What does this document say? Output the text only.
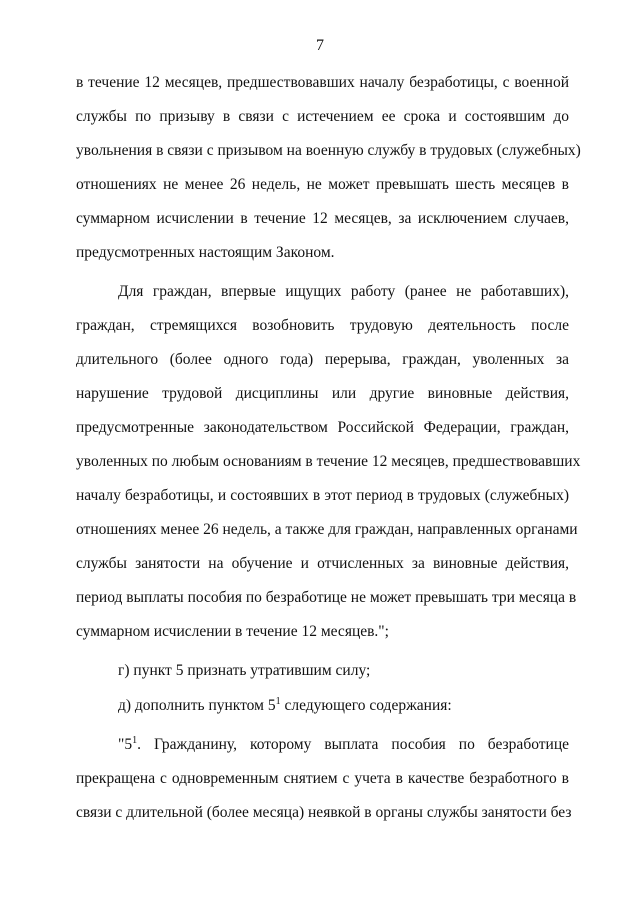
7
в течение 12 месяцев, предшествовавших началу безработицы, с военной
службы по призыву в связи с истечением ее срока и состоявшим до
увольнения в связи с призывом на военную службу в трудовых (служебных)
отношениях не менее 26 недель, не может превышать шесть месяцев в
суммарном исчислении в течение 12 месяцев, за исключением случаев,
предусмотренных настоящим Законом.
Для граждан, впервые ищущих работу (ранее не работавших),
граждан, стремящихся возобновить трудовую деятельность после
длительного (более одного года) перерыва, граждан, уволенных за
нарушение трудовой дисциплины или другие виновные действия,
предусмотренные законодательством Российской Федерации, граждан,
уволенных по любым основаниям в течение 12 месяцев, предшествовавших
началу безработицы, и состоявших в этот период в трудовых (служебных)
отношениях менее 26 недель, а также для граждан, направленных органами
службы занятости на обучение и отчисленных за виновные действия,
период выплаты пособия по безработице не может превышать три месяца в
суммарном исчислении в течение 12 месяцев.";
г) пункт 5 признать утратившим силу;
д) дополнить пунктом $5^1$ следующего содержания:
"$5^1$. Гражданину, которому выплата пособия по безработице
прекращена с одновременным снятием с учета в качестве безработного в
связи с длительной (более месяца) неявкой в органы службы занятости без
